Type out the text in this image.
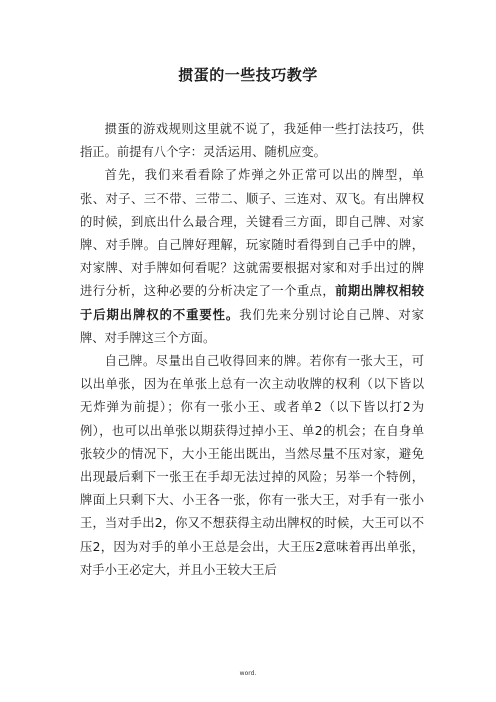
掼蛋的一些技巧教学

掼蛋的游戏规则这里就不说了，我延伸一些打法技巧，供指正。前提有八个字：灵活运用、随机应变。

首先，我们来看看除了炸弹之外正常可以出的牌型，单张、对子、三不带、三带二、顺子、三连对、双飞。有出牌权的时候，到底出什么最合理，关键看三方面，即自己牌、对家牌、对手牌。自己牌好理解，玩家随时看得到自己手中的牌，对家牌、对手牌如何看呢？这就需要根据对家和对手出过的牌进行分析，这种必要的分析决定了一个重点，前期出牌权相较于后期出牌权的不重要性。我们先来分别讨论自己牌、对家牌、对手牌这三个方面。

自己牌。尽量出自己收得回来的牌。若你有一张大王，可以出单张，因为在单张上总有一次主动收牌的权利（以下皆以无炸弹为前提）；你有一张小王、或者单2（以下皆以打2为例），也可以出单张以期获得过掉小王、单2的机会；在自身单张较少的情况下，大小王能出既出，当然尽量不压对家，避免出现最后剩下一张王在手却无法过掉的风险；另举一个特例，牌面上只剩下大、小王各一张，你有一张大王，对手有一张小王，当对手出2，你又不想获得主动出牌权的时候，大王可以不压2，因为对手的单小王总是会出，大王压2意味着再出单张，对手小王必定大，并且小王较大王后

word.
